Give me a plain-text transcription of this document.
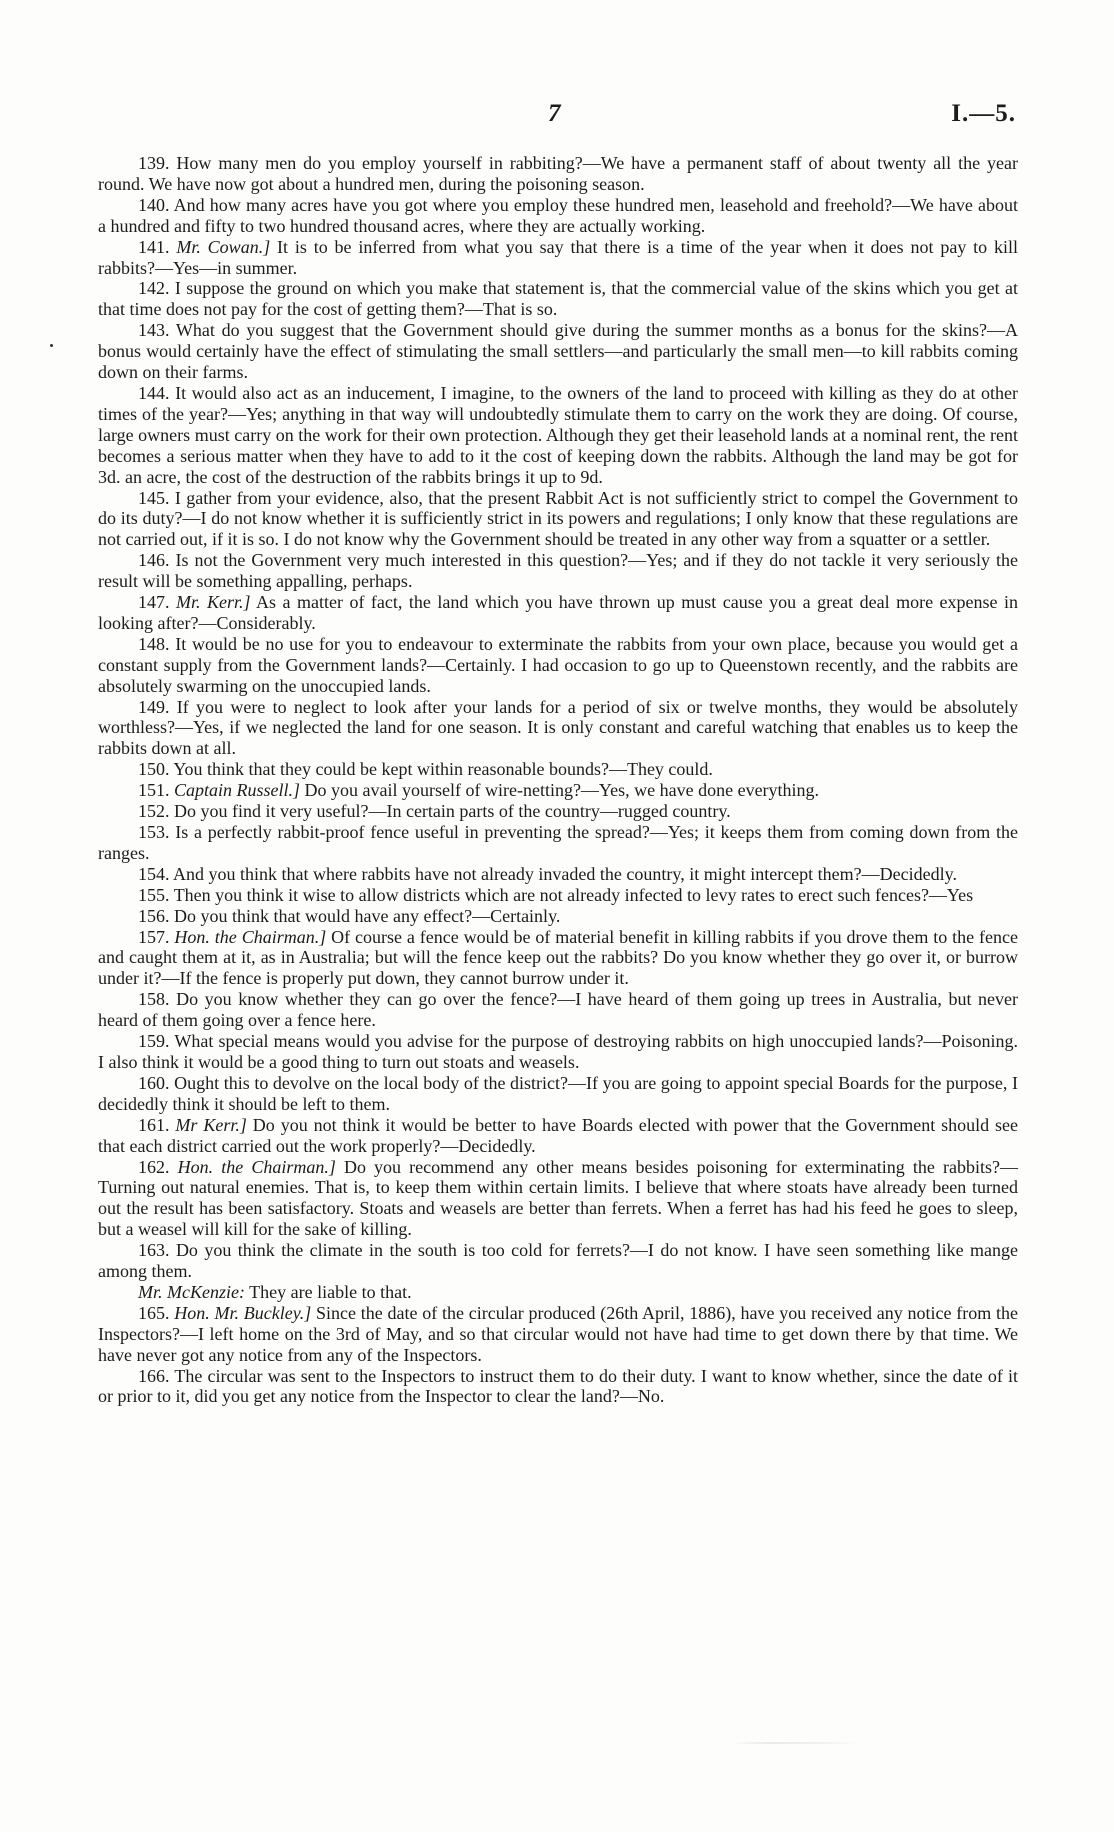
7	I.—5.

139. How many men do you employ yourself in rabbiting?—We have a permanent staff of about twenty all the year round. We have now got about a hundred men, during the poisoning season.

140. And how many acres have you got where you employ these hundred men, leasehold and freehold?—We have about a hundred and fifty to two hundred thousand acres, where they are actually working.

141. Mr. Cowan.] It is to be inferred from what you say that there is a time of the year when it does not pay to kill rabbits?—Yes—in summer.

142. I suppose the ground on which you make that statement is, that the commercial value of the skins which you get at that time does not pay for the cost of getting them?—That is so.

143. What do you suggest that the Government should give during the summer months as a bonus for the skins?—A bonus would certainly have the effect of stimulating the small settlers—and particularly the small men—to kill rabbits coming down on their farms.

144. It would also act as an inducement, I imagine, to the owners of the land to proceed with killing as they do at other times of the year?—Yes; anything in that way will undoubtedly stimulate them to carry on the work they are doing. Of course, large owners must carry on the work for their own protection. Although they get their leasehold lands at a nominal rent, the rent becomes a serious matter when they have to add to it the cost of keeping down the rabbits. Although the land may be got for 3d. an acre, the cost of the destruction of the rabbits brings it up to 9d.

145. I gather from your evidence, also, that the present Rabbit Act is not sufficiently strict to compel the Government to do its duty?—I do not know whether it is sufficiently strict in its powers and regulations; I only know that these regulations are not carried out, if it is so. I do not know why the Government should be treated in any other way from a squatter or a settler.

146. Is not the Government very much interested in this question?—Yes; and if they do not tackle it very seriously the result will be something appalling, perhaps.

147. Mr. Kerr.] As a matter of fact, the land which you have thrown up must cause you a great deal more expense in looking after?—Considerably.

148. It would be no use for you to endeavour to exterminate the rabbits from your own place, because you would get a constant supply from the Government lands?—Certainly. I had occasion to go up to Queenstown recently, and the rabbits are absolutely swarming on the unoccupied lands.

149. If you were to neglect to look after your lands for a period of six or twelve months, they would be absolutely worthless?—Yes, if we neglected the land for one season. It is only constant and careful watching that enables us to keep the rabbits down at all.

150. You think that they could be kept within reasonable bounds?—They could.

151. Captain Russell.] Do you avail yourself of wire-netting?—Yes, we have done everything.

152. Do you find it very useful?—In certain parts of the country—rugged country.

153. Is a perfectly rabbit-proof fence useful in preventing the spread?—Yes; it keeps them from coming down from the ranges.

154. And you think that where rabbits have not already invaded the country, it might intercept them?—Decidedly.

155. Then you think it wise to allow districts which are not already infected to levy rates to erect such fences?—Yes

156. Do you think that would have any effect?—Certainly.

157. Hon. the Chairman.] Of course a fence would be of material benefit in killing rabbits if you drove them to the fence and caught them at it, as in Australia; but will the fence keep out the rabbits? Do you know whether they go over it, or burrow under it?—If the fence is properly put down, they cannot burrow under it.

158. Do you know whether they can go over the fence?—I have heard of them going up trees in Australia, but never heard of them going over a fence here.

159. What special means would you advise for the purpose of destroying rabbits on high unoccupied lands?—Poisoning. I also think it would be a good thing to turn out stoats and weasels.

160. Ought this to devolve on the local body of the district?—If you are going to appoint special Boards for the purpose, I decidedly think it should be left to them.

161. Mr Kerr.] Do you not think it would be better to have Boards elected with power that the Government should see that each district carried out the work properly?—Decidedly.

162. Hon. the Chairman.] Do you recommend any other means besides poisoning for exterminating the rabbits?—Turning out natural enemies. That is, to keep them within certain limits. I believe that where stoats have already been turned out the result has been satisfactory. Stoats and weasels are better than ferrets. When a ferret has had his feed he goes to sleep, but a weasel will kill for the sake of killing.

163. Do you think the climate in the south is too cold for ferrets?—I do not know. I have seen something like mange among them.

Mr. McKenzie: They are liable to that.

165. Hon. Mr. Buckley.] Since the date of the circular produced (26th April, 1886), have you received any notice from the Inspectors?—I left home on the 3rd of May, and so that circular would not have had time to get down there by that time. We have never got any notice from any of the Inspectors.

166. The circular was sent to the Inspectors to instruct them to do their duty. I want to know whether, since the date of it or prior to it, did you get any notice from the Inspector to clear the land?—No.
